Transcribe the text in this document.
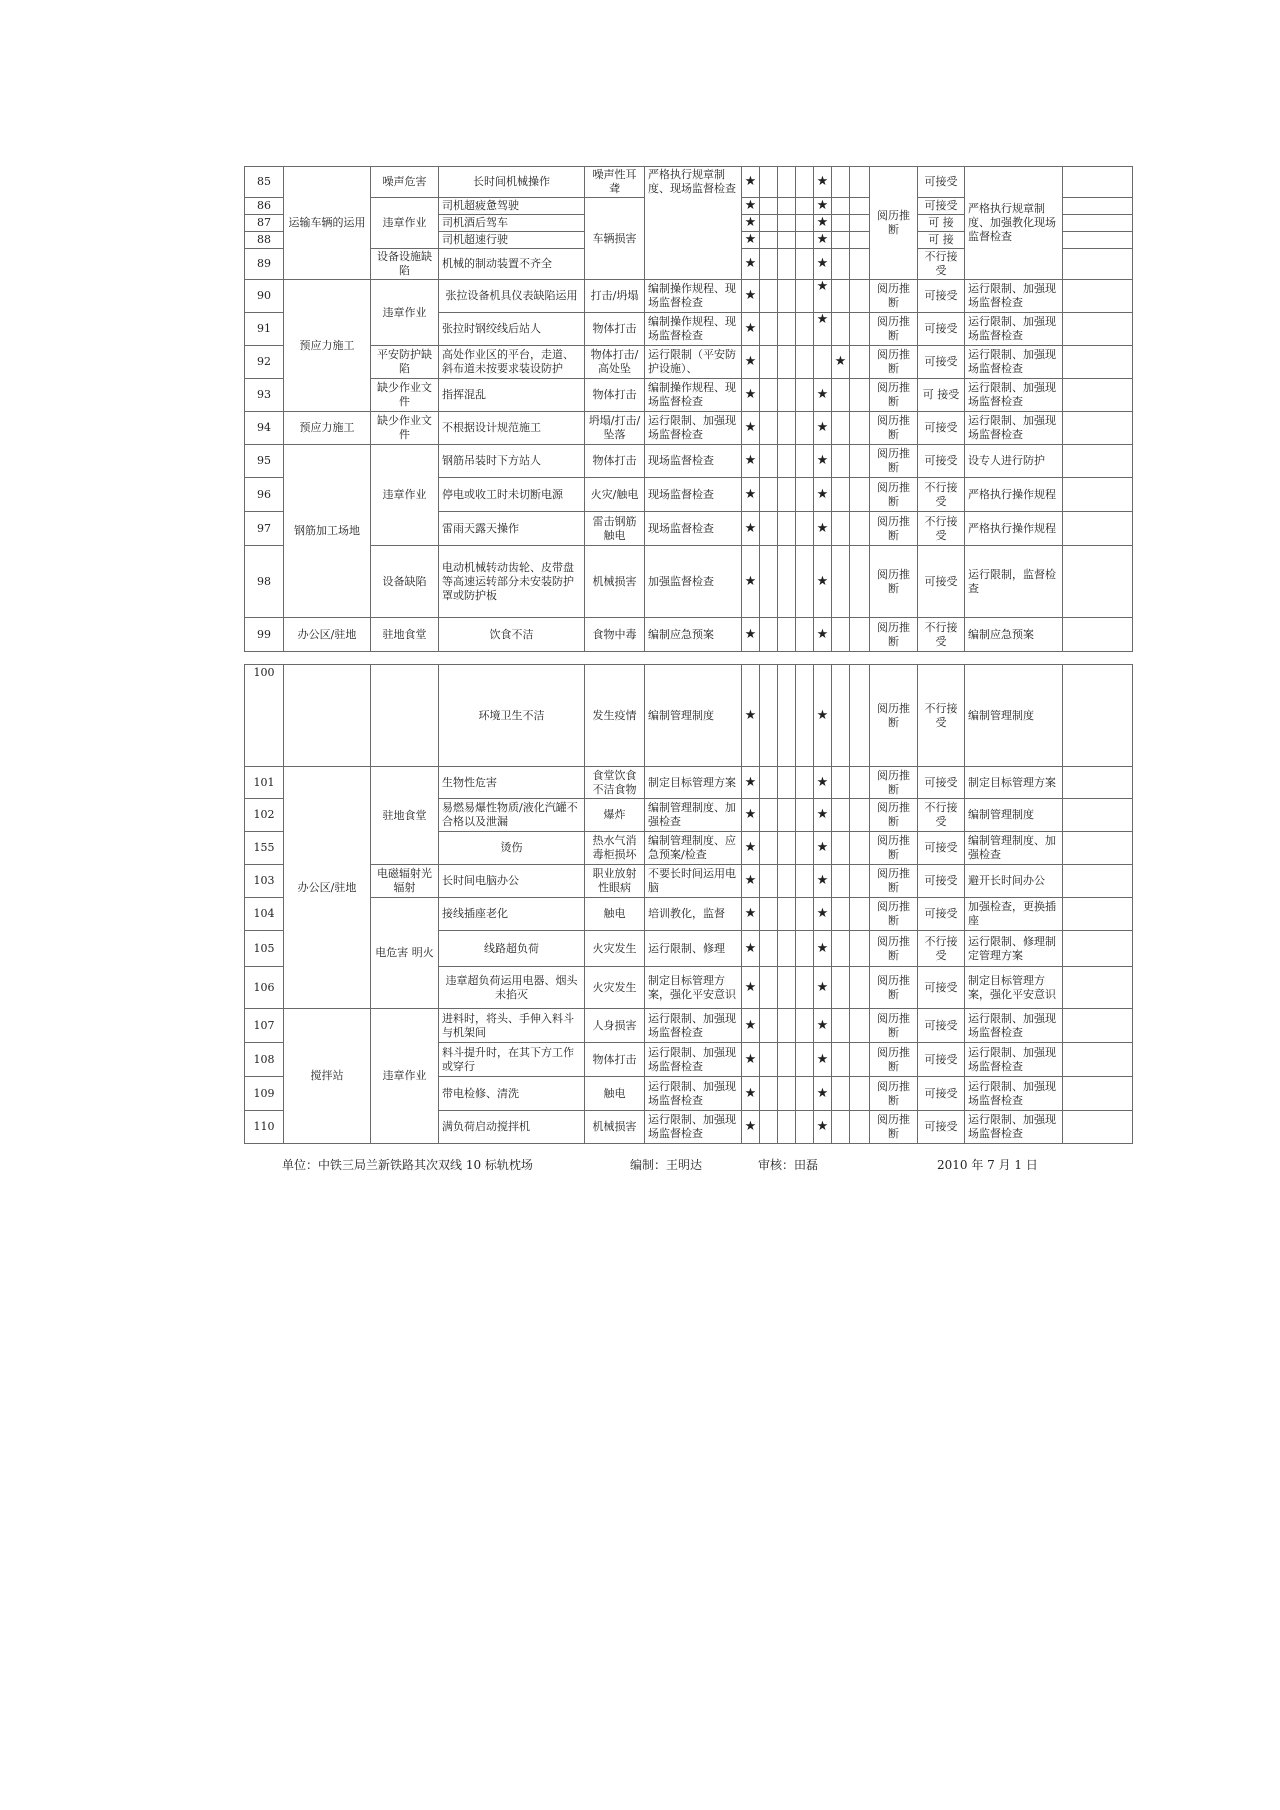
85	运输车辆的运用	噪声危害	长时间机械操作	噪声性耳聋	严格执行规章制度、现场监督检查	★				★			阅历推断	可接受	严格执行规章制度、加强教化现场监督检查	
86		违章作业	司机超疲惫驾驶	车辆损害		★				★				可接受		
87			司机酒后驾车			★				★				可 接		
88			司机超速行驶			★				★				可 接		
89		设备设施缺陷	机械的制动装置不齐全			★				★				不行接受		
90	预应力施工	违章作业	张拉设备机具仪表缺陷运用	打击/坍塌	编制操作规程、现场监督检查	★				★			阅历推断	可接受	运行限制、加强现场监督检查	
91			张拉时钢绞线后站人	物体打击	编制操作规程、现场监督检查	★				★			阅历推断	可接受	运行限制、加强现场监督检查	
92		平安防护缺陷	高处作业区的平台，走道、斜布道未按要求装设防护	物体打击/高处坠	运行限制（平安防护设施）、	★					★		阅历推断	可接受	运行限制、加强现场监督检查	
93		缺少作业文件	指挥混乱	物体打击	编制操作规程、现场监督检查	★				★			阅历推断	可 接受	运行限制、加强现场监督检查	
94	预应力施工	缺少作业文件	不根据设计规范施工	坍塌/打击/坠落	运行限制、加强现场监督检查	★				★			阅历推断	可接受	运行限制、加强现场监督检查	
95	钢筋加工场地	违章作业	钢筋吊装时下方站人	物体打击	现场监督检查	★				★			阅历推断	可接受	设专人进行防护	
96			停电或收工时未切断电源	火灾/触电	现场监督检查	★				★			阅历推断	不行接受	严格执行操作规程	
97			雷雨天露天操作	雷击钢筋触电	现场监督检查	★				★			阅历推断	不行接受	严格执行操作规程	
98		设备缺陷	电动机械转动齿轮、皮带盘等高速运转部分未安装防护罩或防护板	机械损害	加强监督检查	★				★			阅历推断	可接受	运行限制，监督检查	
99	办公区/驻地	驻地食堂	饮食不洁	食物中毒	编制应急预案	★				★			阅历推断	不行接受	编制应急预案	
100			环境卫生不洁	发生疫情	编制管理制度	★				★			阅历推断	不行接受	编制管理制度	
101	办公区/驻地	驻地食堂	生物性危害	食堂饮食不洁食物	制定目标管理方案	★				★			阅历推断	可接受	制定目标管理方案	
102			易燃易爆性物质/液化汽罐不合格以及泄漏	爆炸	编制管理制度、加强检查	★				★			阅历推断	不行接受	编制管理制度	
155			烫伤	热水气消毒柜损坏	编制管理制度、应急预案/检查	★				★			阅历推断	可接受	编制管理制度、加强检查	
103		电磁辐射光辐射	长时间电脑办公	职业放射性眼病	不要长时间运用电脑	★				★			阅历推断	可接受	避开长时间办公	
104		电危害 明火	接线插座老化	触电	培训教化，监督	★				★			阅历推断	可接受	加强检查，更换插座	
105			线路超负荷	火灾发生	运行限制、修理	★				★			阅历推断	不行接受	运行限制、修理制定管理方案	
106			违章超负荷运用电器、烟头未掐灭	火灾发生	制定目标管理方案，强化平安意识	★				★			阅历推断	可接受	制定目标管理方案，强化平安意识	
107	搅拌站	违章作业	进料时，将头、手伸入料斗与机架间	人身损害	运行限制、加强现场监督检查	★				★			阅历推断	可接受	运行限制、加强现场监督检查	
108			料斗提升时，在其下方工作或穿行	物体打击	运行限制、加强现场监督检查	★				★			阅历推断	可接受	运行限制、加强现场监督检查	
109			带电检修、清洗	触电	运行限制、加强现场监督检查	★				★			阅历推断	可接受	运行限制、加强现场监督检查	
110			满负荷启动搅拌机	机械损害	运行限制、加强现场监督检查	★				★			阅历推断	可接受	运行限制、加强现场监督检查	
单位：中铁三局兰新铁路其次双线 10 标轨枕场	编制：王明达	审核：田磊	2010 年 7 月 1 日
